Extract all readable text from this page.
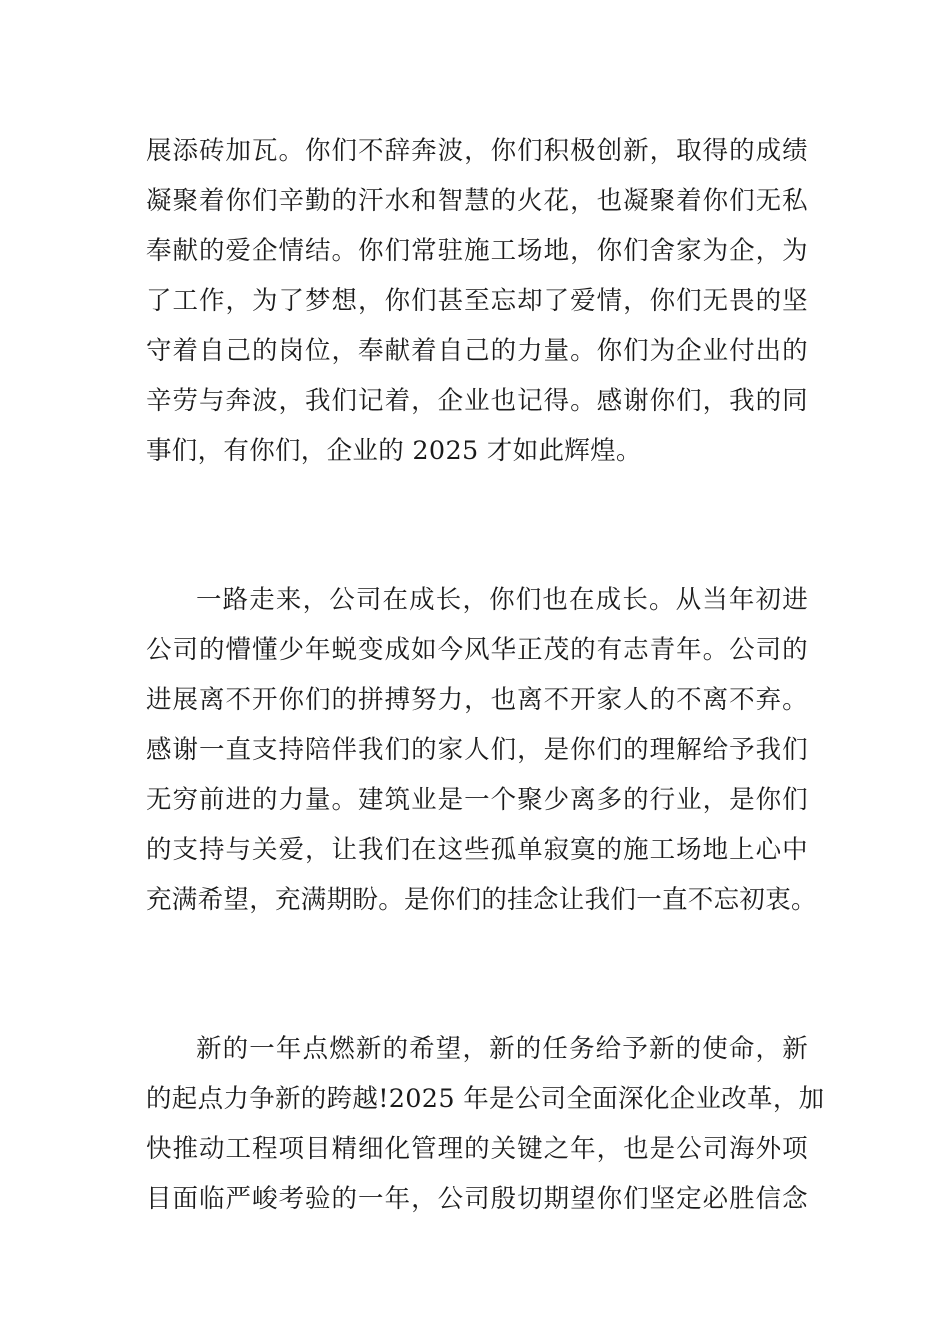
展添砖加瓦。你们不辞奔波，你们积极创新，取得的成绩
凝聚着你们辛勤的汗水和智慧的火花，也凝聚着你们无私
奉献的爱企情结。你们常驻施工场地，你们舍家为企，为
了工作，为了梦想，你们甚至忘却了爱情，你们无畏的坚
守着自己的岗位，奉献着自己的力量。你们为企业付出的
辛劳与奔波，我们记着，企业也记得。感谢你们，我的同
事们，有你们，企业的 2025 才如此辉煌。
一路走来，公司在成长，你们也在成长。从当年初进
公司的懵懂少年蜕变成如今风华正茂的有志青年。公司的
进展离不开你们的拼搏努力，也离不开家人的不离不弃。
感谢一直支持陪伴我们的家人们，是你们的理解给予我们
无穷前进的力量。建筑业是一个聚少离多的行业，是你们
的支持与关爱，让我们在这些孤单寂寞的施工场地上心中
充满希望，充满期盼。是你们的挂念让我们一直不忘初衷。
新的一年点燃新的希望，新的任务给予新的使命，新
的起点力争新的跨越!2025 年是公司全面深化企业改革，加
快推动工程项目精细化管理的关键之年，也是公司海外项
目面临严峻考验的一年，公司殷切期望你们坚定必胜信念
